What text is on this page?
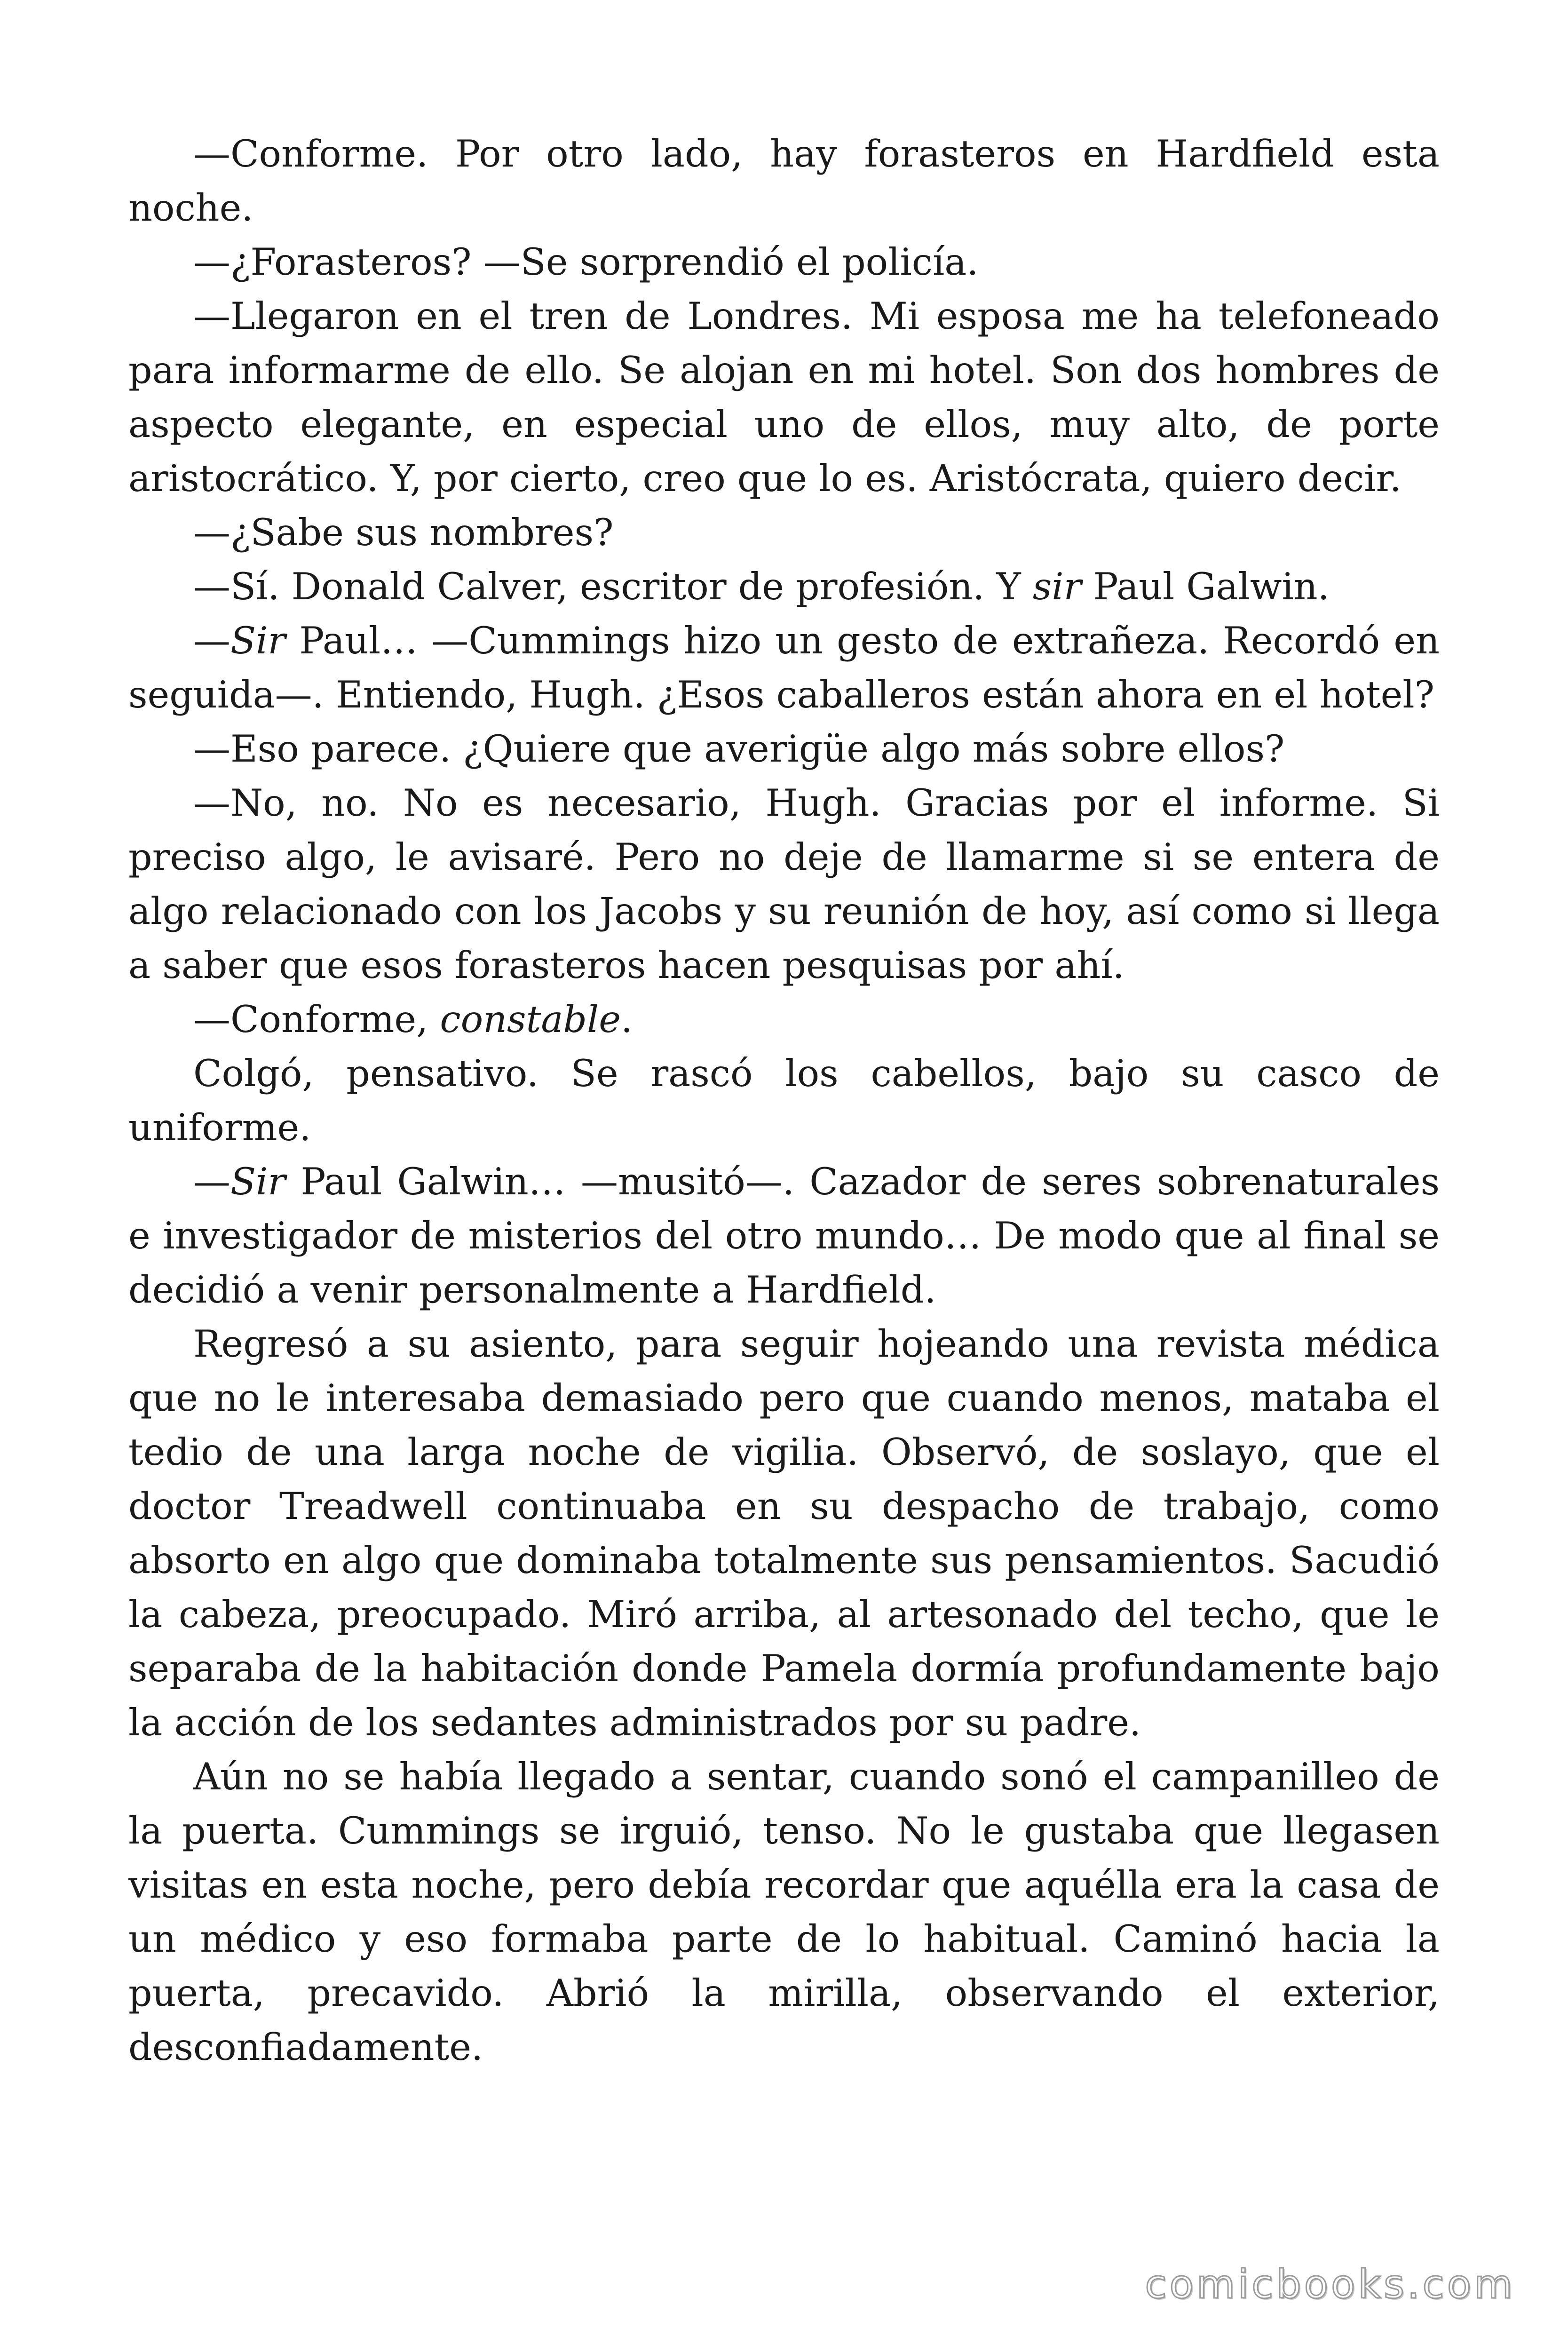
—Conforme. Por otro lado, hay forasteros en Hardfield esta noche.

—¿Forasteros? —Se sorprendió el policía.

—Llegaron en el tren de Londres. Mi esposa me ha telefoneado para informarme de ello. Se alojan en mi hotel. Son dos hombres de aspecto elegante, en especial uno de ellos, muy alto, de porte aristocrático. Y, por cierto, creo que lo es. Aristócrata, quiero decir.

—¿Sabe sus nombres?

—Sí. Donald Calver, escritor de profesión. Y sir Paul Galwin.

—Sir Paul… —Cummings hizo un gesto de extrañeza. Recordó en seguida—. Entiendo, Hugh. ¿Esos caballeros están ahora en el hotel?

—Eso parece. ¿Quiere que averigüe algo más sobre ellos?

—No, no. No es necesario, Hugh. Gracias por el informe. Si preciso algo, le avisaré. Pero no deje de llamarme si se entera de algo relacionado con los Jacobs y su reunión de hoy, así como si llega a saber que esos forasteros hacen pesquisas por ahí.

—Conforme, constable.

Colgó, pensativo. Se rascó los cabellos, bajo su casco de uniforme.

—Sir Paul Galwin… —musitó—. Cazador de seres sobrenaturales e investigador de misterios del otro mundo… De modo que al final se decidió a venir personalmente a Hardfield.

Regresó a su asiento, para seguir hojeando una revista médica que no le interesaba demasiado pero que cuando menos, mataba el tedio de una larga noche de vigilia. Observó, de soslayo, que el doctor Treadwell continuaba en su despacho de trabajo, como absorto en algo que dominaba totalmente sus pensamientos. Sacudió la cabeza, preocupado. Miró arriba, al artesonado del techo, que le separaba de la habitación donde Pamela dormía profundamente bajo la acción de los sedantes administrados por su padre.

Aún no se había llegado a sentar, cuando sonó el campanilleo de la puerta. Cummings se irguió, tenso. No le gustaba que llegasen visitas en esta noche, pero debía recordar que aquélla era la casa de un médico y eso formaba parte de lo habitual. Caminó hacia la puerta, precavido. Abrió la mirilla, observando el exterior, desconfiadamente.

comicbooks.com
